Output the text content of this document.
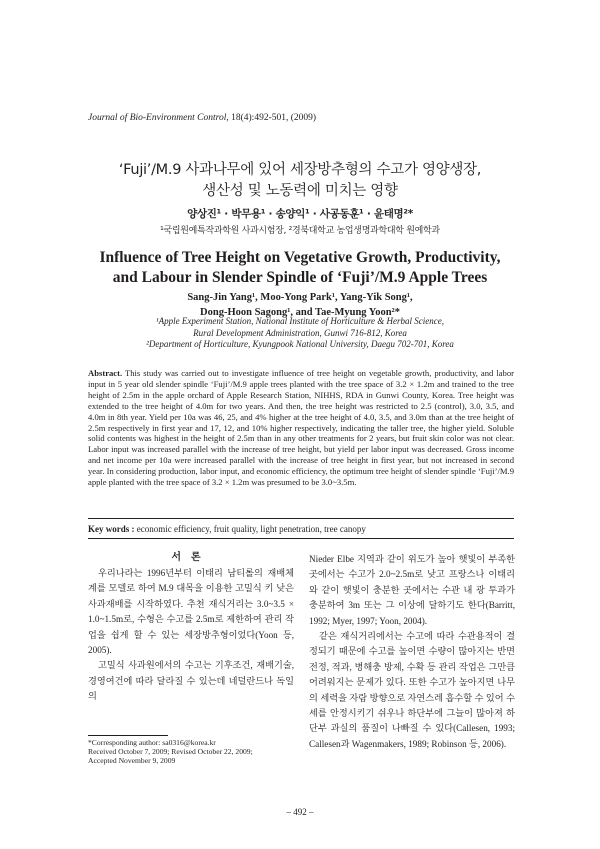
Journal of Bio-Environment Control, 18(4):492-501, (2009)
‘Fuji’/M.9 사과나무에 있어 세장방추형의 수고가 영양생장,
생산성 및 노동력에 미치는 영향
양상진¹ · 박무용¹ · 송양익¹ · 사공동훈¹ · 윤태명²*
¹국립원예특작과학원 사과시험장, ²경북대학교 농업생명과학대학 원예학과
Influence of Tree Height on Vegetative Growth, Productivity,
and Labour in Slender Spindle of ‘Fuji’/M.9 Apple Trees
Sang-Jin Yang¹, Moo-Yong Park¹, Yang-Yik Song¹,
Dong-Hoon Sagong¹, and Tae-Myung Yoon²*
¹Apple Experiment Station, National Institute of Horticulture & Herbal Science,
Rural Development Administration, Gunwi 716-812, Korea
²Department of Horticulture, Kyungpook National University, Daegu 702-701, Korea

Abstract. This study was carried out to investigate influence of tree height on vegetable growth, productivity, and labor input in 5 year old slender spindle ‘Fuji’/M.9 apple trees planted with the tree space of 3.2 × 1.2m and trained to the tree height of 2.5m in the apple orchard of Apple Research Station, NIHHS, RDA in Gunwi County, Korea. Tree height was extended to the tree height of 4.0m for two years. And then, the tree height was restricted to 2.5 (control), 3.0, 3.5, and 4.0m in 8th year. Yield per 10a was 46, 25, and 4% higher at the tree height of 4.0, 3.5, and 3.0m than at the tree height of 2.5m respectively in first year and 17, 12, and 10% higher respectively, indicating the taller tree, the higher yield. Soluble solid contents was highest in the height of 2.5m than in any other treatments for 2 years, but fruit skin color was not clear. Labor input was increased parallel with the increase of tree height, but yield per labor input was decreased. Gross income and net income per 10a were increased parallel with the increase of tree height in first year, but not increased in second year. In considering production, labor input, and economic efficiency, the optimum tree height of slender spindle ‘Fuji’/M.9 apple planted with the tree space of 3.2 × 1.2m was presumed to be 3.0~3.5m.

Key words : economic efficiency, fruit quality, light penetration, tree canopy
서론

우리나라는 1996년부터 이태리 남티롤의 재배체계를 모델로 하여 M.9 대목을 이용한 고밀식 키 낮은 사과재배를 시작하였다. 추천 재식거리는 3.0~3.5 × 1.0~1.5m로, 수형은 수고를 2.5m로 제한하여 관리 작업을 쉽게 할 수 있는 세장방추형이었다(Yoon 등, 2005).

고밀식 사과원에서의 수고는 기후조건, 재배기술, 경영여건에 따라 달라질 수 있는데 네덜란드나 독일의

Nieder Elbe 지역과 같이 위도가 높아 햇빛이 부족한 곳에서는 수고가 2.0~2.5m로 낮고 프랑스나 이태리와 같이 햇빛이 충분한 곳에서는 수관 내 광 투과가 충분하여 3m 또는 그 이상에 달하기도 한다(Barritt, 1992; Myer, 1997; Yoon, 2004).

같은 재식거리에서는 수고에 따라 수관용적이 결정되기 때문에 수고를 높이면 수량이 많아지는 반면 전정, 적과, 병해충 방제, 수확 등 관리 작업은 그만큼 어려워지는 문제가 있다. 또한 수고가 높아지면 나무의 세력을 자람 방향으로 자연스레 흡수할 수 있어 수세를 안정시키기 쉬우나 하단부에 그늘이 많아져 하단부 과실의 품질이 나빠질 수 있다(Callesen, 1993; Callesen과 Wagenmakers, 1989; Robinson 등, 2006).

*Corresponding author: sa0316@korea.kr
Received October 7, 2009; Revised October 22, 2009;
Accepted November 9, 2009
– 492 –
